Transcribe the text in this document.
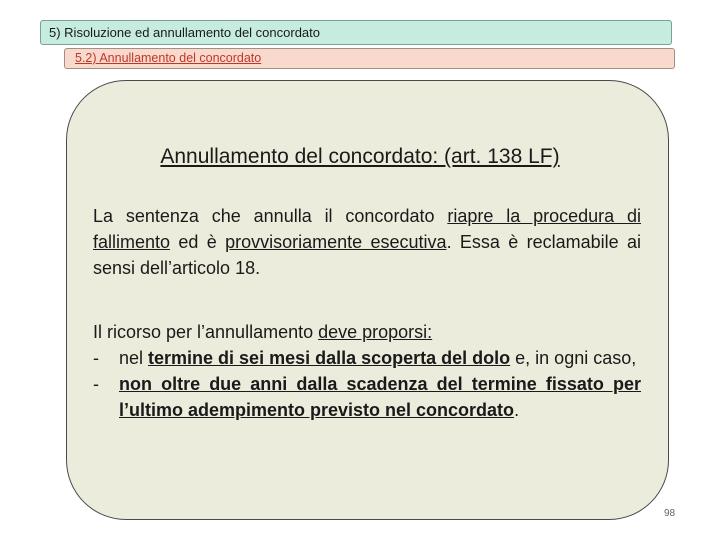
5) Risoluzione ed annullamento del concordato
5.2) Annullamento del concordato
Annullamento del concordato: (art. 138 LF)
La sentenza che annulla il concordato riapre la procedura di fallimento ed è provvisoriamente esecutiva. Essa è reclamabile ai sensi dell’articolo 18.
Il ricorso per l’annullamento deve proporsi:
- nel termine di sei mesi dalla scoperta del dolo e, in ogni caso,
- non oltre due anni dalla scadenza del termine fissato per l’ultimo adempimento previsto nel concordato.
98
